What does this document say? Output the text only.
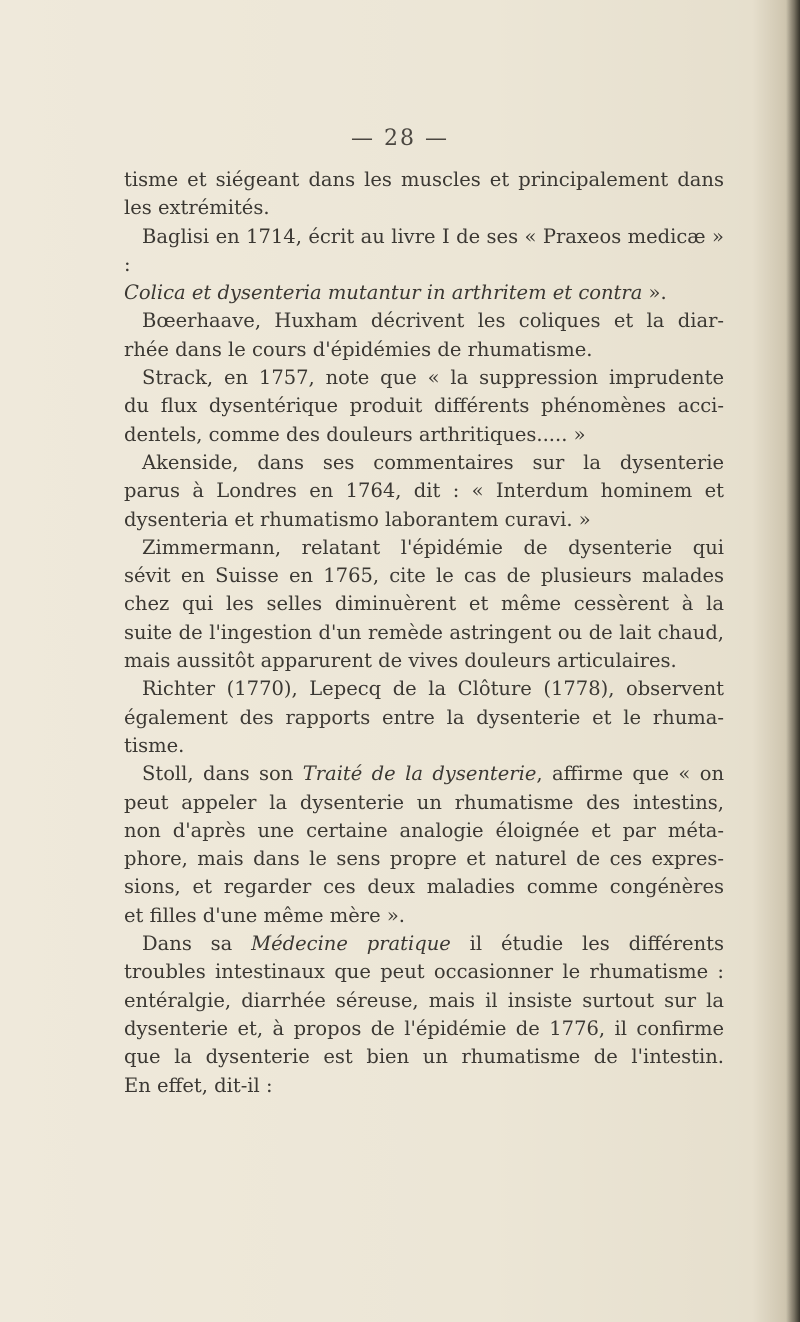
— 28 —

tisme et siégeant dans les muscles et principalement dans

les extrémités.

Baglisi en 1714, écrit au livre I de ses « Praxeos medicæ » :

Colica et dysenteria mutantur in arthritem et contra ».

Bœerhaave, Huxham décrivent les coliques et la diar-

rhée dans le cours d'épidémies de rhumatisme.

Strack, en 1757, note que « la suppression imprudente

du flux dysentérique produit différents phénomènes acci-

dentels, comme des douleurs arthritiques..... »

Akenside, dans ses commentaires sur la dysenterie

parus à Londres en 1764, dit : « Interdum hominem et

dysenteria et rhumatismo laborantem curavi. »

Zimmermann, relatant l'épidémie de dysenterie qui

sévit en Suisse en 1765, cite le cas de plusieurs malades

chez qui les selles diminuèrent et même cessèrent à la

suite de l'ingestion d'un remède astringent ou de lait chaud,

mais aussitôt apparurent de vives douleurs articulaires.

Richter (1770), Lepecq de la Clôture (1778), observent

également des rapports entre la dysenterie et le rhuma-

tisme.

Stoll, dans son Traité de la dysenterie, affirme que « on

peut appeler la dysenterie un rhumatisme des intestins,

non d'après une certaine analogie éloignée et par méta-

phore, mais dans le sens propre et naturel de ces expres-

sions, et regarder ces deux maladies comme congénères

et filles d'une même mère ».

Dans sa Médecine pratique il étudie les différents

troubles intestinaux que peut occasionner le rhumatisme :

entéralgie, diarrhée séreuse, mais il insiste surtout sur la

dysenterie et, à propos de l'épidémie de 1776, il confirme

que la dysenterie est bien un rhumatisme de l'intestin.

En effet, dit-il :
